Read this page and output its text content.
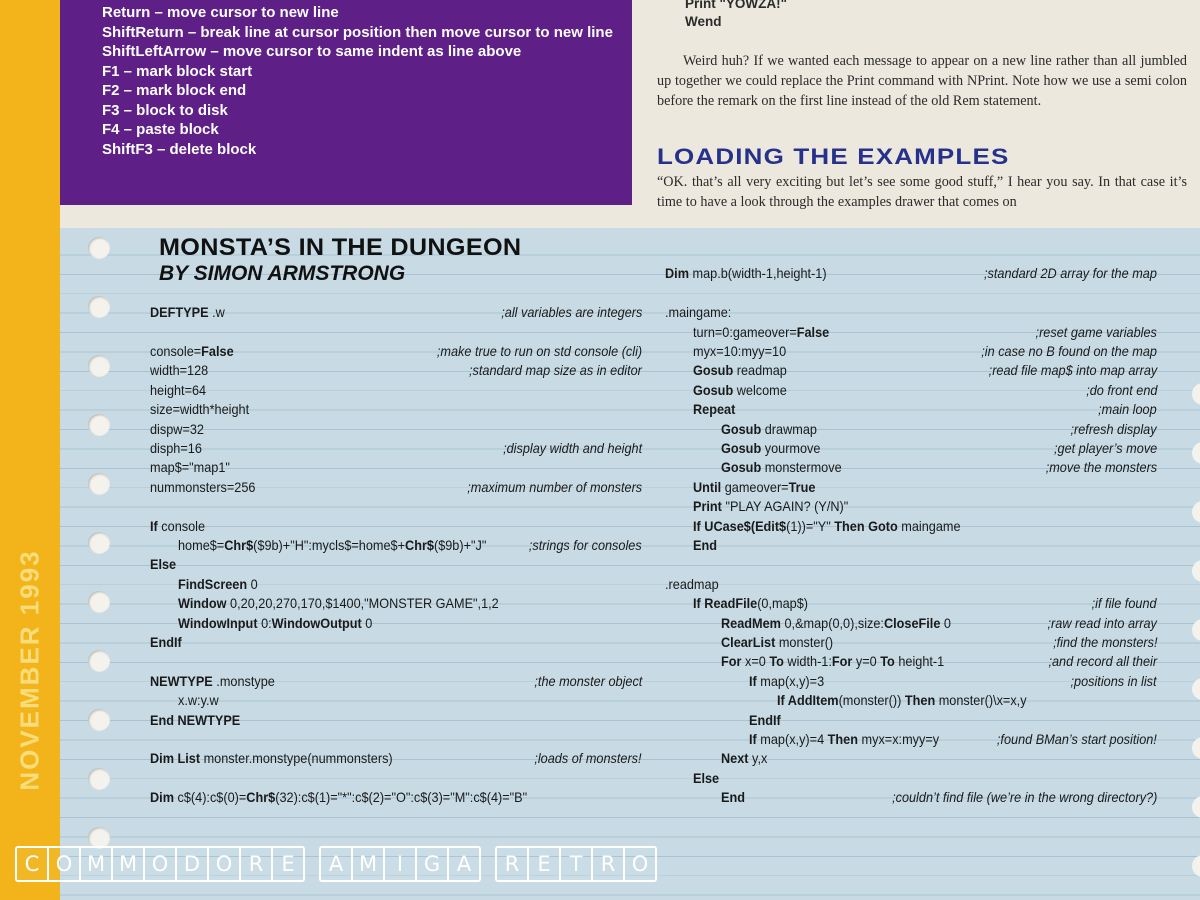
NOVEMBER 1993
Return – move cursor to new line
ShiftReturn – break line at cursor position then move cursor to new line
ShiftLeftArrow – move cursor to same indent as line above
F1 – mark block start
F2 – mark block end
F3 – block to disk
F4 – paste block
ShiftF3 – delete block
Print "YOWZA!"
Wend

Weird huh? If we wanted each message to appear on a new line rather than all jumbled up together we could replace the Print command with NPrint. Note how we use a semi colon before the remark on the first line instead of the old Rem statement.

LOADING THE EXAMPLES

“OK. that’s all very exciting but let’s see some good stuff,” I hear you say. In that case it’s time to have a look through the examples drawer that comes on

MONSTA’S IN THE DUNGEON
BY SIMON ARMSTRONG
DEFTYPE .w	;all variables are integers
console=False	;make true to run on std console (cli)
width=128	;standard map size as in editor
height=64
size=width*height
dispw=32
disph=16	;display width and height
map$="map1"
nummonsters=256	;maximum number of monsters
If console
home$=Chr$($9b)+"H":mycls$=home$+Chr$($9b)+"J"	;strings for consoles
Else
FindScreen 0
Window 0,20,20,270,170,$1400,"MONSTER GAME",1,2
WindowInput 0:WindowOutput 0
EndIf
NEWTYPE .monstype	;the monster object
x.w:y.w
End NEWTYPE
Dim List monster.monstype(nummonsters)	;loads of monsters!
Dim c$(4):c$(0)=Chr$(32):c$(1)="*":c$(2)="O":c$(3)="M":c$(4)="B"
Dim map.b(width-1,height-1)	;standard 2D array for the map
.maingame:
turn=0:gameover=False	;reset game variables
myx=10:myy=10	;in case no B found on the map
Gosub readmap	;read file map$ into map array
Gosub welcome	;do front end
Repeat	;main loop
Gosub drawmap	;refresh display
Gosub yourmove	;get player’s move
Gosub monstermove	;move the monsters
Until gameover=True
Print "PLAY AGAIN? (Y/N)"
If UCase$(Edit$(1))="Y" Then Goto maingame
End
.readmap
If ReadFile(0,map$)	;if file found
ReadMem 0,&map(0,0),size:CloseFile 0	;raw read into array
ClearList monster()	;find the monsters!
For x=0 To width-1:For y=0 To height-1	;and record all their
If map(x,y)=3	;positions in list
If AddItem(monster()) Then monster()\x=x,y
EndIf
If map(x,y)=4 Then myx=x:myy=y	;found BMan’s start position!
Next y,x
Else
End	;couldn’t find file (we’re in the wrong directory?)
C O M M O D O R E	A M I G A	R E T R O
